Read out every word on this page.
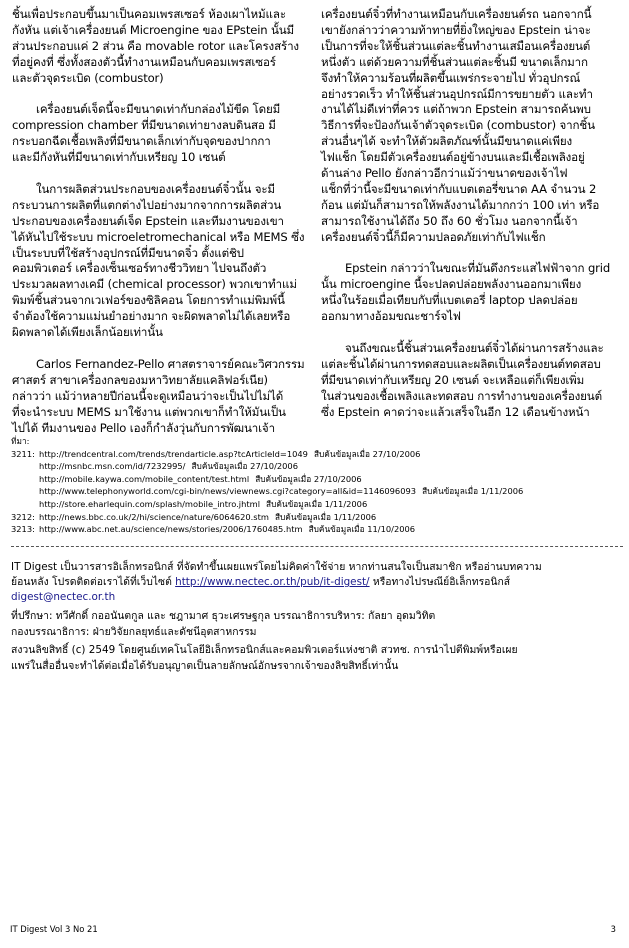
ชิ้นเพื่อประกอบขึ้นมาเป็นคอมเพรสเซอร์ ห้องเผาไหม้และ
กังหัน แต่เจ้าเครื่องยนต์ Microengine ของ EPstein นั้นมี
ส่วนประกอบแค่ 2 ส่วน คือ movable rotor และโครงสร้าง
ที่อยู่คงที่ ซึ่งทั้งสองตัวนี้ทำงานเหมือนกับคอมเพรสเซอร์
และตัวจุดระเบิด (combustor)
เครื่องยนต์เจ็ดนี้จะมีขนาดเท่ากับกล่องไม้ขีด โดยมี
compression chamber ที่มีขนาดเท่ายางลบดินสอ มี
กระบอกฉีดเชื้อเพลิงที่มีขนาดเล็กเท่ากับจุดของปากกา
และมีกังหันที่มีขนาดเท่ากับเหรียญ 10 เซนต์
ในการผลิตส่วนประกอบของเครื่องยนต์จิ๋วนั้น จะมี
กระบวนการผลิตที่แตกต่างไปอย่างมากจากการผลิตส่วน
ประกอบของเครื่องยนต์เจ็ด Epstein และทีมงานของเขา
ได้หันไปใช้ระบบ microeletromechanical หรือ MEMS ซึ่ง
เป็นระบบที่ใช้สร้างอุปกรณ์ที่มีขนาดจิ๋ว ตั้งแต่ชิป
คอมพิวเตอร์ เครื่องเซ็นเซอร์ทางชีววิทยา ไปจนถึงตัว
ประมวลผลทางเคมี (chemical processor) พวกเขาทำแม่
พิมพ์ชิ้นส่วนจากเวเฟอร์ของซิลิคอน โดยการทำแม่พิมพ์นี้
จำต้องใช้ความแม่นยำอย่างมาก จะผิดพลาดไม่ได้เลยหรือ
ผิดพลาดได้เพียงเล็กน้อยเท่านั้น
Carlos Fernandez-Pello ศาสตราจารย์คณะวิศวกรรม
ศาสตร์ สาขาเครื่องกลของมหาวิทยาลัยแคลิฟอร์เนีย)
กล่าวว่า แม้ว่าหลายปีก่อนนี้จะดูเหมือนว่าจะเป็นไปไม่ได้
ที่จะนำระบบ MEMS มาใช้งาน แต่พวกเขาก็ทำให้มันเป็น
ไปได้ ทีมงานของ Pello เองก็กำลังวุ่นกับการพัฒนาเจ้า
เครื่องยนต์จิ๋วที่ทำงานเหมือนกับเครื่องยนต์รถ นอกจากนี้
เขายังกล่าวว่าความท้าทายที่ยิ่งใหญ่ของ Epstein น่าจะ
เป็นการที่จะให้ชิ้นส่วนแต่ละชิ้นทำงานเสมือนเครื่องยนต์
หนึ่งตัว แต่ด้วยความที่ชิ้นส่วนแต่ละชิ้นมี ขนาดเล็กมาก
จึงทำให้ความร้อนที่ผลิตขึ้นแพร่กระจายไป ทั่วอุปกรณ์
อย่างรวดเร็ว ทำให้ชิ้นส่วนอุปกรณ์มีการขยายตัว และทำ
งานได้ไม่ดีเท่าที่ควร แต่ถ้าพวก Epstein สามารถค้นพบ
วิธีการที่จะป้องกันเจ้าตัวจุดระเบิด (combustor) จากชิ้น
ส่วนอื่นๆได้ จะทำให้ตัวผลิตภัณฑ์นั้นมีขนาดแค่เพียง
ไฟแช็ก โดยมีตัวเครื่องยนต์อยู่ข้างบนและมีเชื้อเพลิงอยู่
ด้านล่าง Pello ยังกล่าวอีกว่าแม้ว่าขนาดของเจ้าไฟ
แช็กที่ว่านี้จะมีขนาดเท่ากับแบตเตอรี่ขนาด AA จำนวน 2
ก้อน แต่มันก็สามารถให้พลังงานได้มากกว่า 100 เท่า หรือ
สามารถใช้งานได้ถึง 50 ถึง 60 ชั่วโมง นอกจากนี้เจ้า
เครื่องยนต์จิ๋วนี้ก็มีความปลอดภัยเท่ากับไฟแช็ก
Epstein กล่าวว่าในขณะที่มันดึงกระแสไฟฟ้าจาก grid
นั้น microengine นี้จะปลดปล่อยพลังงานออกมาเพียง
หนึ่งในร้อยเมื่อเทียบกับที่แบตเตอรี่ laptop ปลดปล่อย
ออกมาทางอ้อมขณะชาร์จไฟ
จนถึงขณะนี้ชิ้นส่วนเครื่องยนต์จิ๋วได้ผ่านการสร้างและ
แต่ละชิ้นได้ผ่านการทดสอบและผลิตเป็นเครื่องยนต์ทดสอบ
ที่มีขนาดเท่ากับเหรียญ 20 เซนต์ จะเหลือแต่ก็เพียงเพิ่ม
ในส่วนของเชื้อเพลิงและทดสอบ การทำงานของเครื่องยนต์
ซึ่ง Epstein คาดว่าจะแล้วเสร็จในอีก 12 เดือนข้างหน้า
ที่มา:
3211: http://trendcentral.com/trends/trendarticle.asp?tcArticleId=1049 สืบค้นข้อมูลเมื่อ 27/10/2006
http://msnbc.msn.com/id/7232995/ สืบค้นข้อมูลเมื่อ 27/10/2006
http://mobile.kaywa.com/mobile_content/test.html สืบค้นข้อมูลเมื่อ 27/10/2006
http://www.telephonyworld.com/cgi-bin/news/viewnews.cgi?category=all&id=1146096093 สืบค้นข้อมูลเมื่อ 1/11/2006
http://store.eharlequin.com/splash/mobile_intro.jhtml สืบค้นข้อมูลเมื่อ 1/11/2006
3212: http://news.bbc.co.uk/2/hi/science/nature/6064620.stm สืบค้นข้อมูลเมื่อ 1/11/2006
3213: http://www.abc.net.au/science/news/stories/2006/1760485.htm สืบค้นข้อมูลเมื่อ 11/10/2006
IT Digest เป็นวารสารอิเล็กทรอนิกส์ ที่จัดทำขึ้นเผยแพร่โดยไม่คิดค่าใช้จ่าย หากท่านสนใจเป็นสมาชิก หรืออ่านบทความ
ย้อนหลัง โปรดติดต่อเราได้ที่เว็บไซต์ http://www.nectec.or.th/pub/it-digest/ หรือทางไปรษณีย์อิเล็กทรอนิกส์
digest@nectec.or.th
ที่ปรึกษา: ทวีศักดิ์ กออนันตกูล และ ชฎามาศ ธุวะเศรษฐกุล บรรณาธิการบริหาร: กัลยา อุดมวิทิต
กองบรรณาธิการ: ฝ่ายวิจัยกลยุทธ์และดัชนีอุตสาหกรรม
สงวนลิขสิทธิ์ (c) 2549 โดยศูนย์เทคโนโลยีอิเล็กทรอนิกส์และคอมพิวเตอร์แห่งชาติ สวทช. การนำไปตีพิมพ์หรือเผย
แพร่ในสื่ออื่นจะทำได้ต่อเมื่อได้รับอนุญาตเป็นลายลักษณ์อักษรจากเจ้าของลิขสิทธิ์เท่านั้น
IT Digest Vol 3 No 21	3
